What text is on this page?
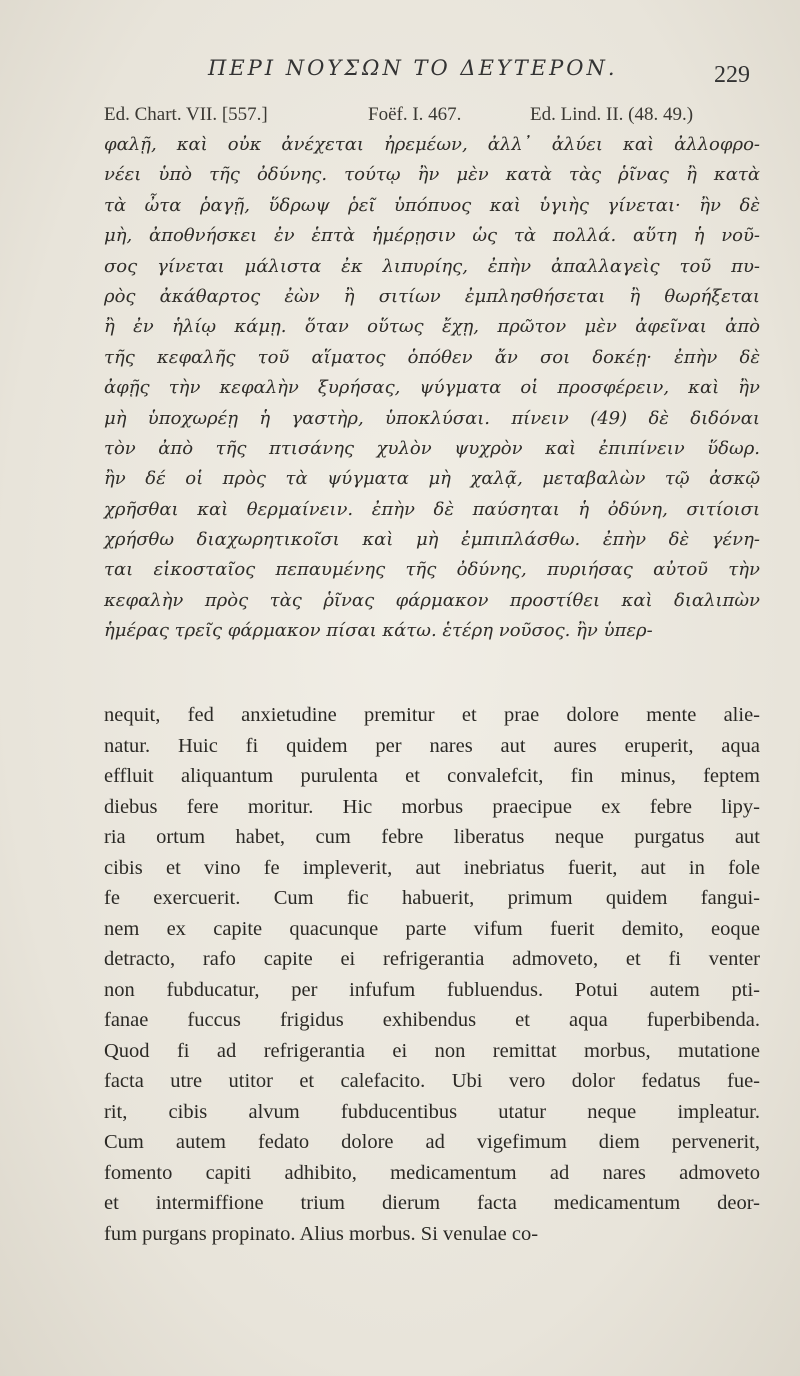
ΠΕΡΙ ΝΟΥΣΩΝ ΤΟ ΔΕΥΤΕΡΟΝ.	229
Ed. Chart. VII. [557.]	Foёf. I. 467.	Ed. Lind. II. (48. 49.)
φαλῇ, καὶ οὐκ ἀνέχεται ἠρεμέων, ἀλλ᾽ ἀλύει καὶ ἀλλοφρο-
νέει ὑπὸ τῆς ὀδύνης. τούτῳ ἢν μὲν κατὰ τὰς ῥῖνας ἢ κατὰ
τὰ ὦτα ῥαγῇ, ὕδρωψ ῥεῖ ὑπόπυος καὶ ὑγιὴς γίνεται· ἢν δὲ
μὴ, ἀποθνήσκει ἐν ἑπτὰ ἡμέρῃσιν ὡς τὰ πολλά. αὕτη ἡ νοῦ-
σος γίνεται μάλιστα ἐκ λιπυρίης, ἐπὴν ἀπαλλαγεὶς τοῦ πυ-
ρὸς ἀκάθαρτος ἐὼν ἢ σιτίων ἐμπλησθήσεται ἢ θωρήξεται
ἢ ἐν ἡλίῳ κάμῃ. ὅταν οὕτως ἔχῃ, πρῶτον μὲν ἀφεῖναι ἀπὸ
τῆς κεφαλῆς τοῦ αἵματος ὁπόθεν ἄν σοι δοκέῃ· ἐπὴν δὲ
ἀφῇς τὴν κεφαλὴν ξυρήσας, ψύγματα οἱ προσφέρειν, καὶ ἢν
μὴ ὑποχωρέῃ ἡ γαστὴρ, ὑποκλύσαι. πίνειν (49) δὲ διδόναι
τὸν ἀπὸ τῆς πτισάνης χυλὸν ψυχρὸν καὶ ἐπιπίνειν ὕδωρ.
ἢν δέ οἱ πρὸς τὰ ψύγματα μὴ χαλᾷ, μεταβαλὼν τῷ ἀσκῷ
χρῆσθαι καὶ θερμαίνειν. ἐπὴν δὲ παύσηται ἡ ὀδύνη, σιτίοισι
χρήσθω διαχωρητικοῖσι καὶ μὴ ἐμπιπλάσθω. ἐπὴν δὲ γένη-
ται εἰκοσταῖος πεπαυμένης τῆς ὀδύνης, πυριήσας αὐτοῦ τὴν
κεφαλὴν πρὸς τὰς ῥῖνας φάρμακον προστίθει καὶ διαλιπὼν
ἡμέρας τρεῖς φάρμακον πίσαι κάτω. ἑτέρη νοῦσος. ἢν ὑπερ-
nequit, fed anxietudine premitur et prae dolore mente alie-
natur. Huic fi quidem per nares aut aures eruperit, aqua
effluit aliquantum purulenta et convalefcit, fin minus, feptem
diebus fere moritur. Hic morbus praecipue ex febre lipy-
ria ortum habet, cum febre liberatus neque purgatus aut
cibis et vino fe impleverit, aut inebriatus fuerit, aut in fole
fe exercuerit. Cum fic habuerit, primum quidem fangui-
nem ex capite quacunque parte vifum fuerit demito, eoque
detracto, rafo capite ei refrigerantia admoveto, et fi venter
non fubducatur, per infufum fubluendus. Potui autem pti-
fanae fuccus frigidus exhibendus et aqua fuperbibenda.
Quod fi ad refrigerantia ei non remittat morbus, mutatione
facta utre utitor et calefacito. Ubi vero dolor fedatus fue-
rit, cibis alvum fubducentibus utatur neque impleatur.
Cum autem fedato dolore ad vigefimum diem pervenerit,
fomento capiti adhibito, medicamentum ad nares admoveto
et intermiffione trium dierum facta medicamentum deor-
fum purgans propinato. Alius morbus. Si venulae co-
